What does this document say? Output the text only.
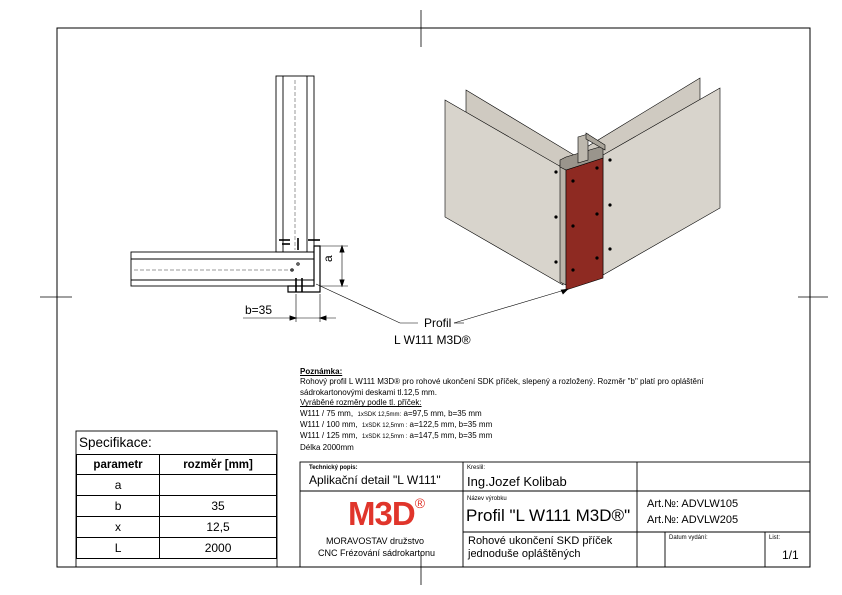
b=35
a
Profil
L W111 M3D®
Poznámka:
Rohový profil L W111 M3D® pro rohové ukončení SDK příček, slepený a rozložený. Rozměr "b" platí pro opláštění
sádrokartonovými deskami tl.12,5 mm.
Vyráběné rozměry podle tl. příček:
W111 / 75 mm, 1xSDK 12,5mm: a=97,5 mm, b=35 mm
W111 / 100 mm, 1xSDK 12,5mm : a=122,5 mm, b=35 mm
W111 / 125 mm, 1xSDK 12,5mm : a=147,5 mm, b=35 mm
Délka 2000mm
Specifikace:
parametr	rozměr [mm]
a	
b	35
x	12,5
L	2000
Technický popis:
Aplikační detail "L W111"
Kreslil:
Ing.Jozef Kolibab
M3D®
MORAVOSTAV družstvo
CNC Frézování sádrokartonu
Název výrobku
Profil "L W111 M3D®"
Rohové ukončení SKD příček
jednoduše opláštěných
Art.№: ADVLW105
Art.№: ADVLW205
Datum vydání:	List:
1/1
